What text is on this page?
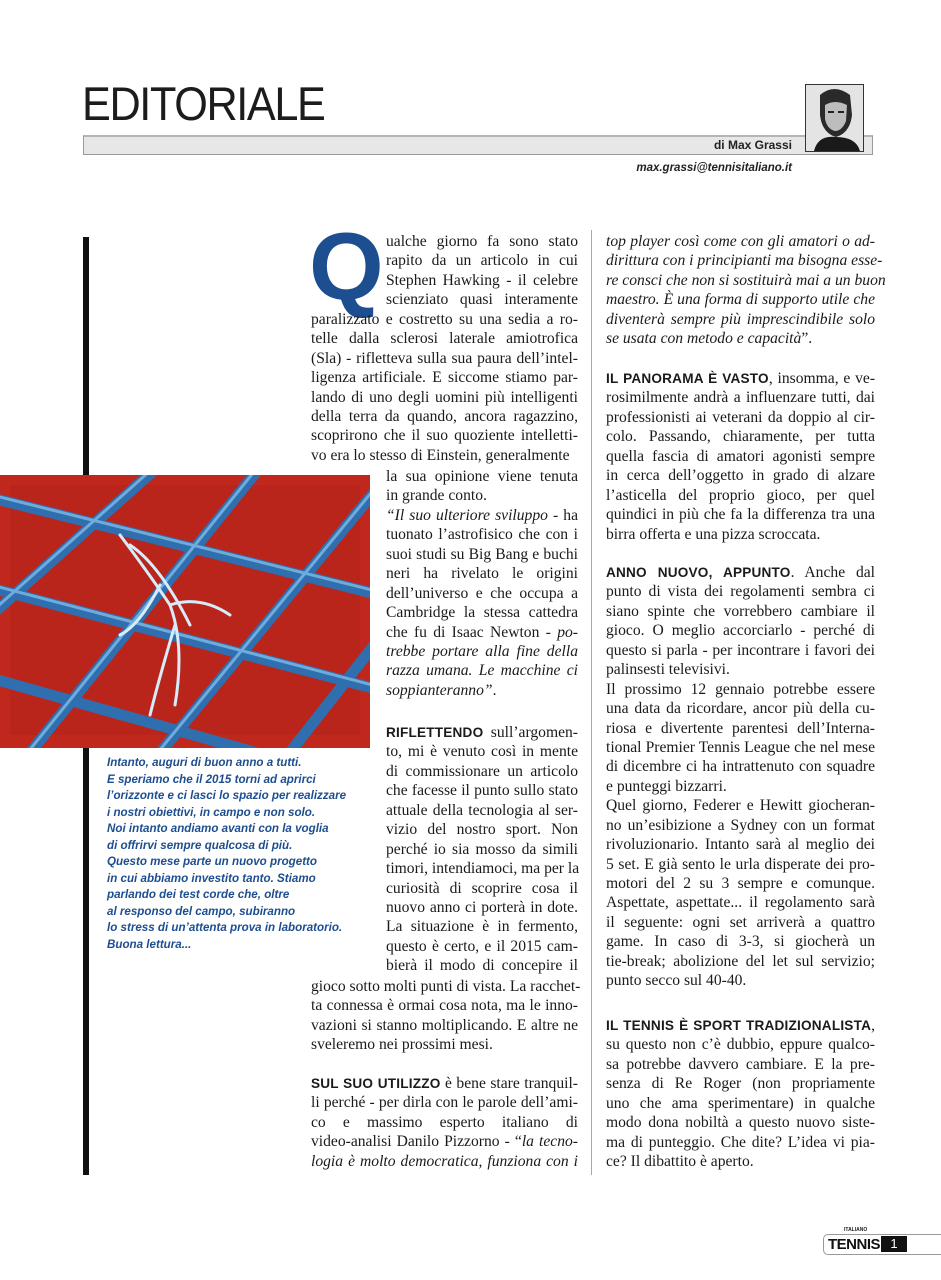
EDITORIALE
di Max Grassi
max.grassi@tennisitaliano.it
Intanto, auguri di buon anno a tutti.
E speriamo che il 2015 torni ad aprirci
l’orizzonte e ci lasci lo spazio per realizzare
i nostri obiettivi, in campo e non solo.
Noi intanto andiamo avanti con la voglia
di offrirvi sempre qualcosa di più.
Questo mese parte un nuovo progetto
in cui abbiamo investito tanto. Stiamo
parlando dei test corde che, oltre
al responso del campo, subiranno
lo stress di un’attenta prova in laboratorio.
Buona lettura...
Q ualche giorno fa sono stato
rapito da un articolo in cui
Stephen Hawking - il celebre
scienziato quasi interamente
paralizzato e costretto su una sedia a ro-
telle dalla sclerosi laterale amiotrofica
(Sla) - rifletteva sulla sua paura dell’intel-
ligenza artificiale. E siccome stiamo par-
lando di uno degli uomini più intelligenti
della terra da quando, ancora ragazzino,
scoprirono che il suo quoziente intelletti-
vo era lo stesso di Einstein, generalmente
la sua opinione viene tenuta
in grande conto.
“Il suo ulteriore sviluppo - ha
tuonato l’astrofisico che con i
suoi studi su Big Bang e buchi
neri ha rivelato le origini
dell’universo e che occupa a
Cambridge la stessa cattedra
che fu di Isaac Newton - po-
trebbe portare alla fine della
razza umana. Le macchine ci
soppianteranno”.
RIFLETTENDO sull’argomen-
to, mi è venuto così in mente
di commissionare un articolo
che facesse il punto sullo stato
attuale della tecnologia al ser-
vizio del nostro sport. Non
perché io sia mosso da simili
timori, intendiamoci, ma per la
curiosità di scoprire cosa il
nuovo anno ci porterà in dote.
La situazione è in fermento,
questo è certo, e il 2015 cam-
bierà il modo di concepire il
gioco sotto molti punti di vista. La racchet-
ta connessa è ormai cosa nota, ma le inno-
vazioni si stanno moltiplicando. E altre ne
sveleremo nei prossimi mesi.
SUL SUO UTILIZZO è bene stare tranquil-
li perché - per dirla con le parole dell’ami-
co e massimo esperto italiano di
video-analisi Danilo Pizzorno - “la tecno-
logia è molto democratica, funziona con i
top player così come con gli amatori o ad-
dirittura con i principianti ma bisogna esse-
re consci che non si sostituirà mai a un buon
maestro. È una forma di supporto utile che
diventerà sempre più imprescindibile solo
se usata con metodo e capacità”.
IL PANORAMA È VASTO, insomma, e ve-
rosimilmente andrà a influenzare tutti, dai
professionisti ai veterani da doppio al cir-
colo. Passando, chiaramente, per tutta
quella fascia di amatori agonisti sempre
in cerca dell’oggetto in grado di alzare
l’asticella del proprio gioco, per quel
quindici in più che fa la differenza tra una
birra offerta e una pizza scroccata.
ANNO NUOVO, APPUNTO. Anche dal
punto di vista dei regolamenti sembra ci
siano spinte che vorrebbero cambiare il
gioco. O meglio accorciarlo - perché di
questo si parla - per incontrare i favori dei
palinsesti televisivi.
Il prossimo 12 gennaio potrebbe essere
una data da ricordare, ancor più della cu-
riosa e divertente parentesi dell’Interna-
tional Premier Tennis League che nel mese
di dicembre ci ha intrattenuto con squadre
e punteggi bizzarri.
Quel giorno, Federer e Hewitt giocheran-
no un’esibizione a Sydney con un format
rivoluzionario. Intanto sarà al meglio dei
5 set. E già sento le urla disperate dei pro-
motori del 2 su 3 sempre e comunque.
Aspettate, aspettate... il regolamento sarà
il seguente: ogni set arriverà a quattro
game. In caso di 3-3, si giocherà un
tie-break; abolizione del let sul servizio;
punto secco sul 40-40.
IL TENNIS È SPORT TRADIZIONALISTA,
su questo non c’è dubbio, eppure qualco-
sa potrebbe davvero cambiare. E la pre-
senza di Re Roger (non propriamente
uno che ama sperimentare) in qualche
modo dona nobiltà a questo nuovo siste-
ma di punteggio. Che dite? L’idea vi pia-
ce? Il dibattito è aperto.
ITALIANO
TENNIS 1
